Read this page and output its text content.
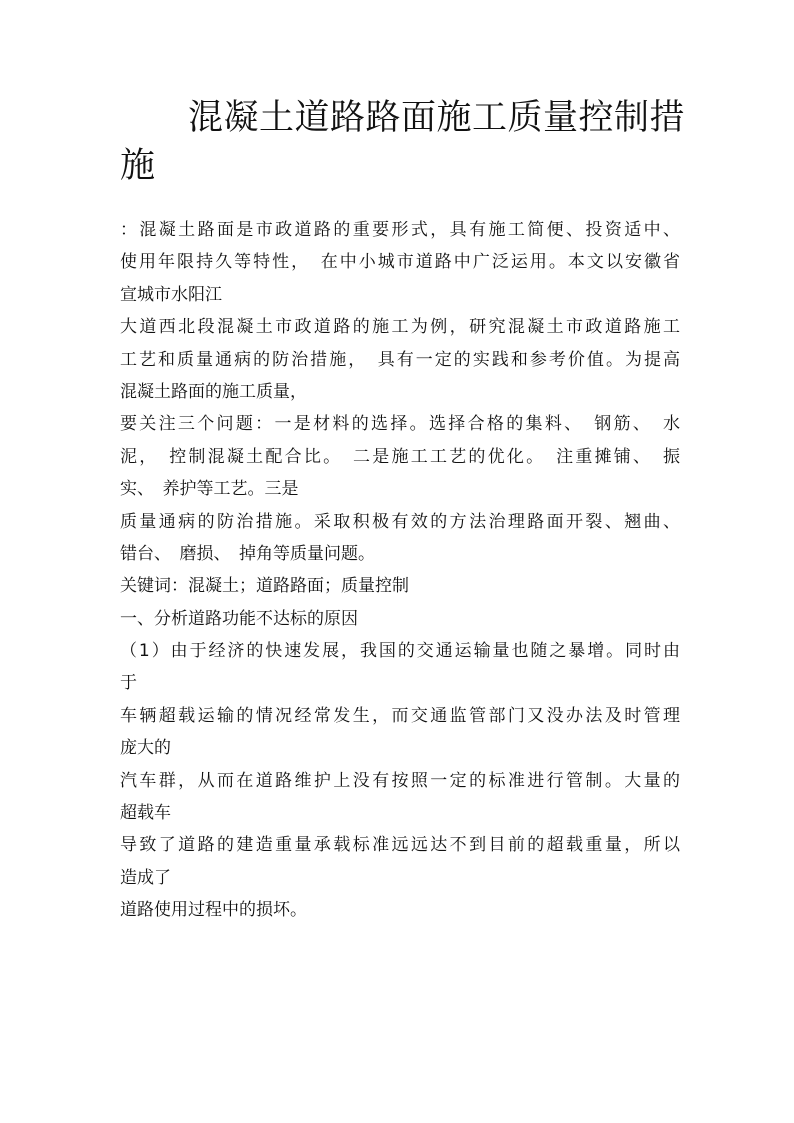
混凝土道路路面施工质量控制措
施
：混凝土路面是市政道路的重要形式，具有施工简便、投资适中、
使用年限持久等特性，　在中小城市道路中广泛运用。本文以安徽省
宣城市水阳江
大道西北段混凝土市政道路的施工为例，研究混凝土市政道路施工
工艺和质量通病的防治措施，　具有一定的实践和参考价值。为提高
混凝土路面的施工质量，
要关注三个问题：一是材料的选择。选择合格的集料、　钢筋、　水
泥，　控制混凝土配合比。　二是施工工艺的优化。　注重摊铺、　振
实、　养护等工艺。三是
质量通病的防治措施。采取积极有效的方法治理路面开裂、翘曲、
错台、　磨损、　掉角等质量问题。
关键词：混凝土；道路路面；质量控制
一、分析道路功能不达标的原因
（1）由于经济的快速发展，我国的交通运输量也随之暴增。同时由
于
车辆超载运输的情况经常发生，而交通监管部门又没办法及时管理
庞大的
汽车群，从而在道路维护上没有按照一定的标准进行管制。大量的
超载车
导致了道路的建造重量承载标准远远达不到目前的超载重量，所以
造成了
道路使用过程中的损坏。
